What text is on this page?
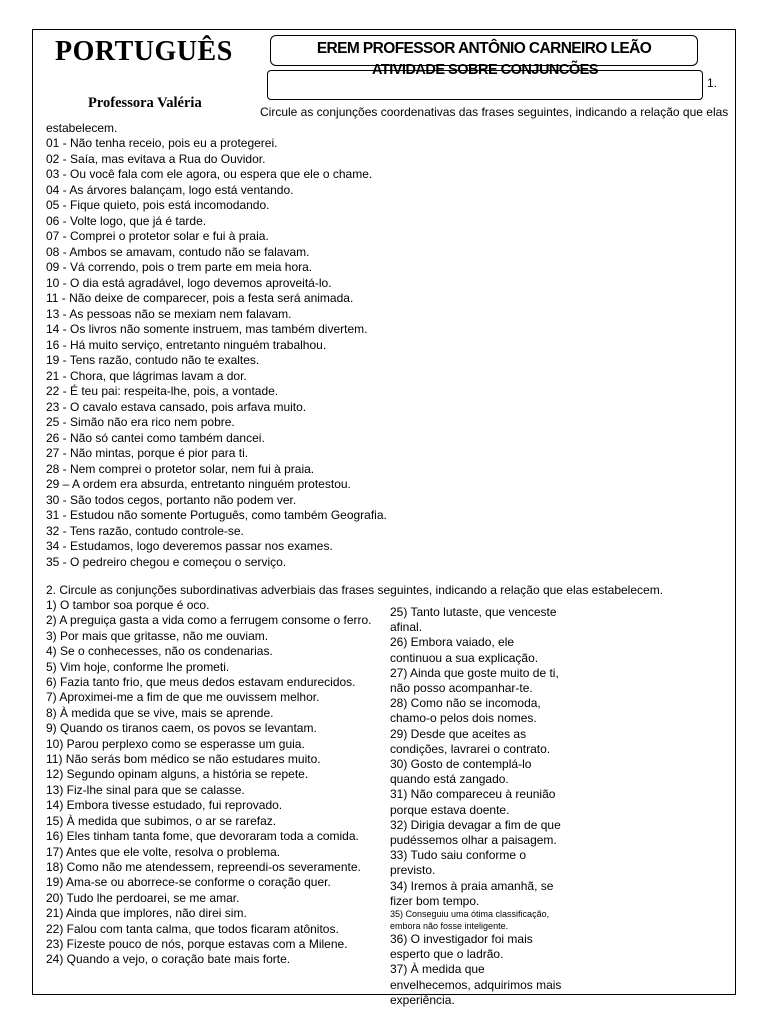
PORTUGUÊS
Professora Valéria
EREM PROFESSOR ANTÔNIO CARNEIRO LEÃO
ATIVIDADE SOBRE CONJUNCÕES
1.
Circule as conjunções coordenativas das frases seguintes, indicando a relação que elas
estabelecem.
01 - Não tenha receio, pois eu a protegerei.
02 - Saía, mas evitava a Rua do Ouvidor.
03 - Ou você fala com ele agora, ou espera que ele o chame.
04 - As árvores balançam, logo está ventando.
05 - Fique quieto, pois está incomodando.
06 - Volte logo, que já é tarde.
07 - Comprei o protetor solar e fui à praia.
08 - Ambos se amavam, contudo não se falavam.
09 - Vá correndo, pois o trem parte em meia hora.
10 - O dia está agradável, logo devemos aproveitá-lo.
11 - Não deixe de comparecer, pois a festa será animada.
13 - As pessoas não se mexiam nem falavam.
14 - Os livros não somente instruem, mas também divertem.
16 - Há muito serviço, entretanto ninguém trabalhou.
19 - Tens razão, contudo não te exaltes.
21 - Chora, que lágrimas lavam a dor.
22 - É teu pai: respeita-lhe, pois, a vontade.
23 - O cavalo estava cansado, pois arfava muito.
25 - Simão não era rico nem pobre.
26 - Não só cantei como também dancei.
27 - Não mintas, porque é pior para ti.
28 - Nem comprei o protetor solar, nem fui à praia.
29 – A ordem era absurda, entretanto ninguém protestou.
30 - São todos cegos, portanto não podem ver.
31 - Estudou não somente Português, como também Geografia.
32 - Tens razão, contudo controle-se.
34 - Estudamos, logo deveremos passar nos exames.
35 - O pedreiro chegou e começou o serviço.
2. Circule as conjunções subordinativas adverbiais das frases seguintes, indicando a relação que elas estabelecem.
1) O tambor soa porque é oco.
2) A preguiça gasta a vida como a ferrugem consome o ferro.
3) Por mais que gritasse, não me ouviam.
4) Se o conhecesses, não os condenarias.
5) Vim hoje, conforme lhe prometi.
6) Fazia tanto frio, que meus dedos estavam endurecidos.
7) Aproximei-me a fim de que me ouvissem melhor.
8) À medida que se vive, mais se aprende.
9) Quando os tiranos caem, os povos se levantam.
10) Parou perplexo como se esperasse um guia.
11) Não serás bom médico se não estudares muito.
12) Segundo opinam alguns, a história se repete.
13) Fiz-lhe sinal para que se calasse.
14) Embora tivesse estudado, fui reprovado.
15) À medida que subimos, o ar se rarefaz.
16) Eles tinham tanta fome, que devoraram toda a comida.
17) Antes que ele volte, resolva o problema.
18) Como não me atendessem, repreendi-os severamente.
19) Ama-se ou aborrece-se conforme o coração quer.
20) Tudo lhe perdoarei, se me amar.
21) Ainda que implores, não direi sim.
22) Falou com tanta calma, que todos ficaram atônitos.
23) Fizeste pouco de nós, porque estavas com a Milene.
24) Quando a vejo, o coração bate mais forte.
25) Tanto lutaste, que venceste afinal.
26) Embora vaiado, ele continuou a sua explicação.
27) Ainda que goste muito de ti, não posso acompanhar-te.
28) Como não se incomoda, chamo-o pelos dois nomes.
29) Desde que aceites as condições, lavrarei o contrato.
30) Gosto de contemplá-lo quando está zangado.
31) Não compareceu à reunião porque estava doente.
32) Dirigia devagar a fim de que pudéssemos olhar a paisagem.
33) Tudo saiu conforme o previsto.
34) Iremos à praia amanhã, se fizer bom tempo.
35) Conseguiu uma ótima classificação, embora não fosse inteligente.
36) O investigador foi mais esperto que o ladrão.
37) À medida que envelhecemos, adquirimos mais experiência.
